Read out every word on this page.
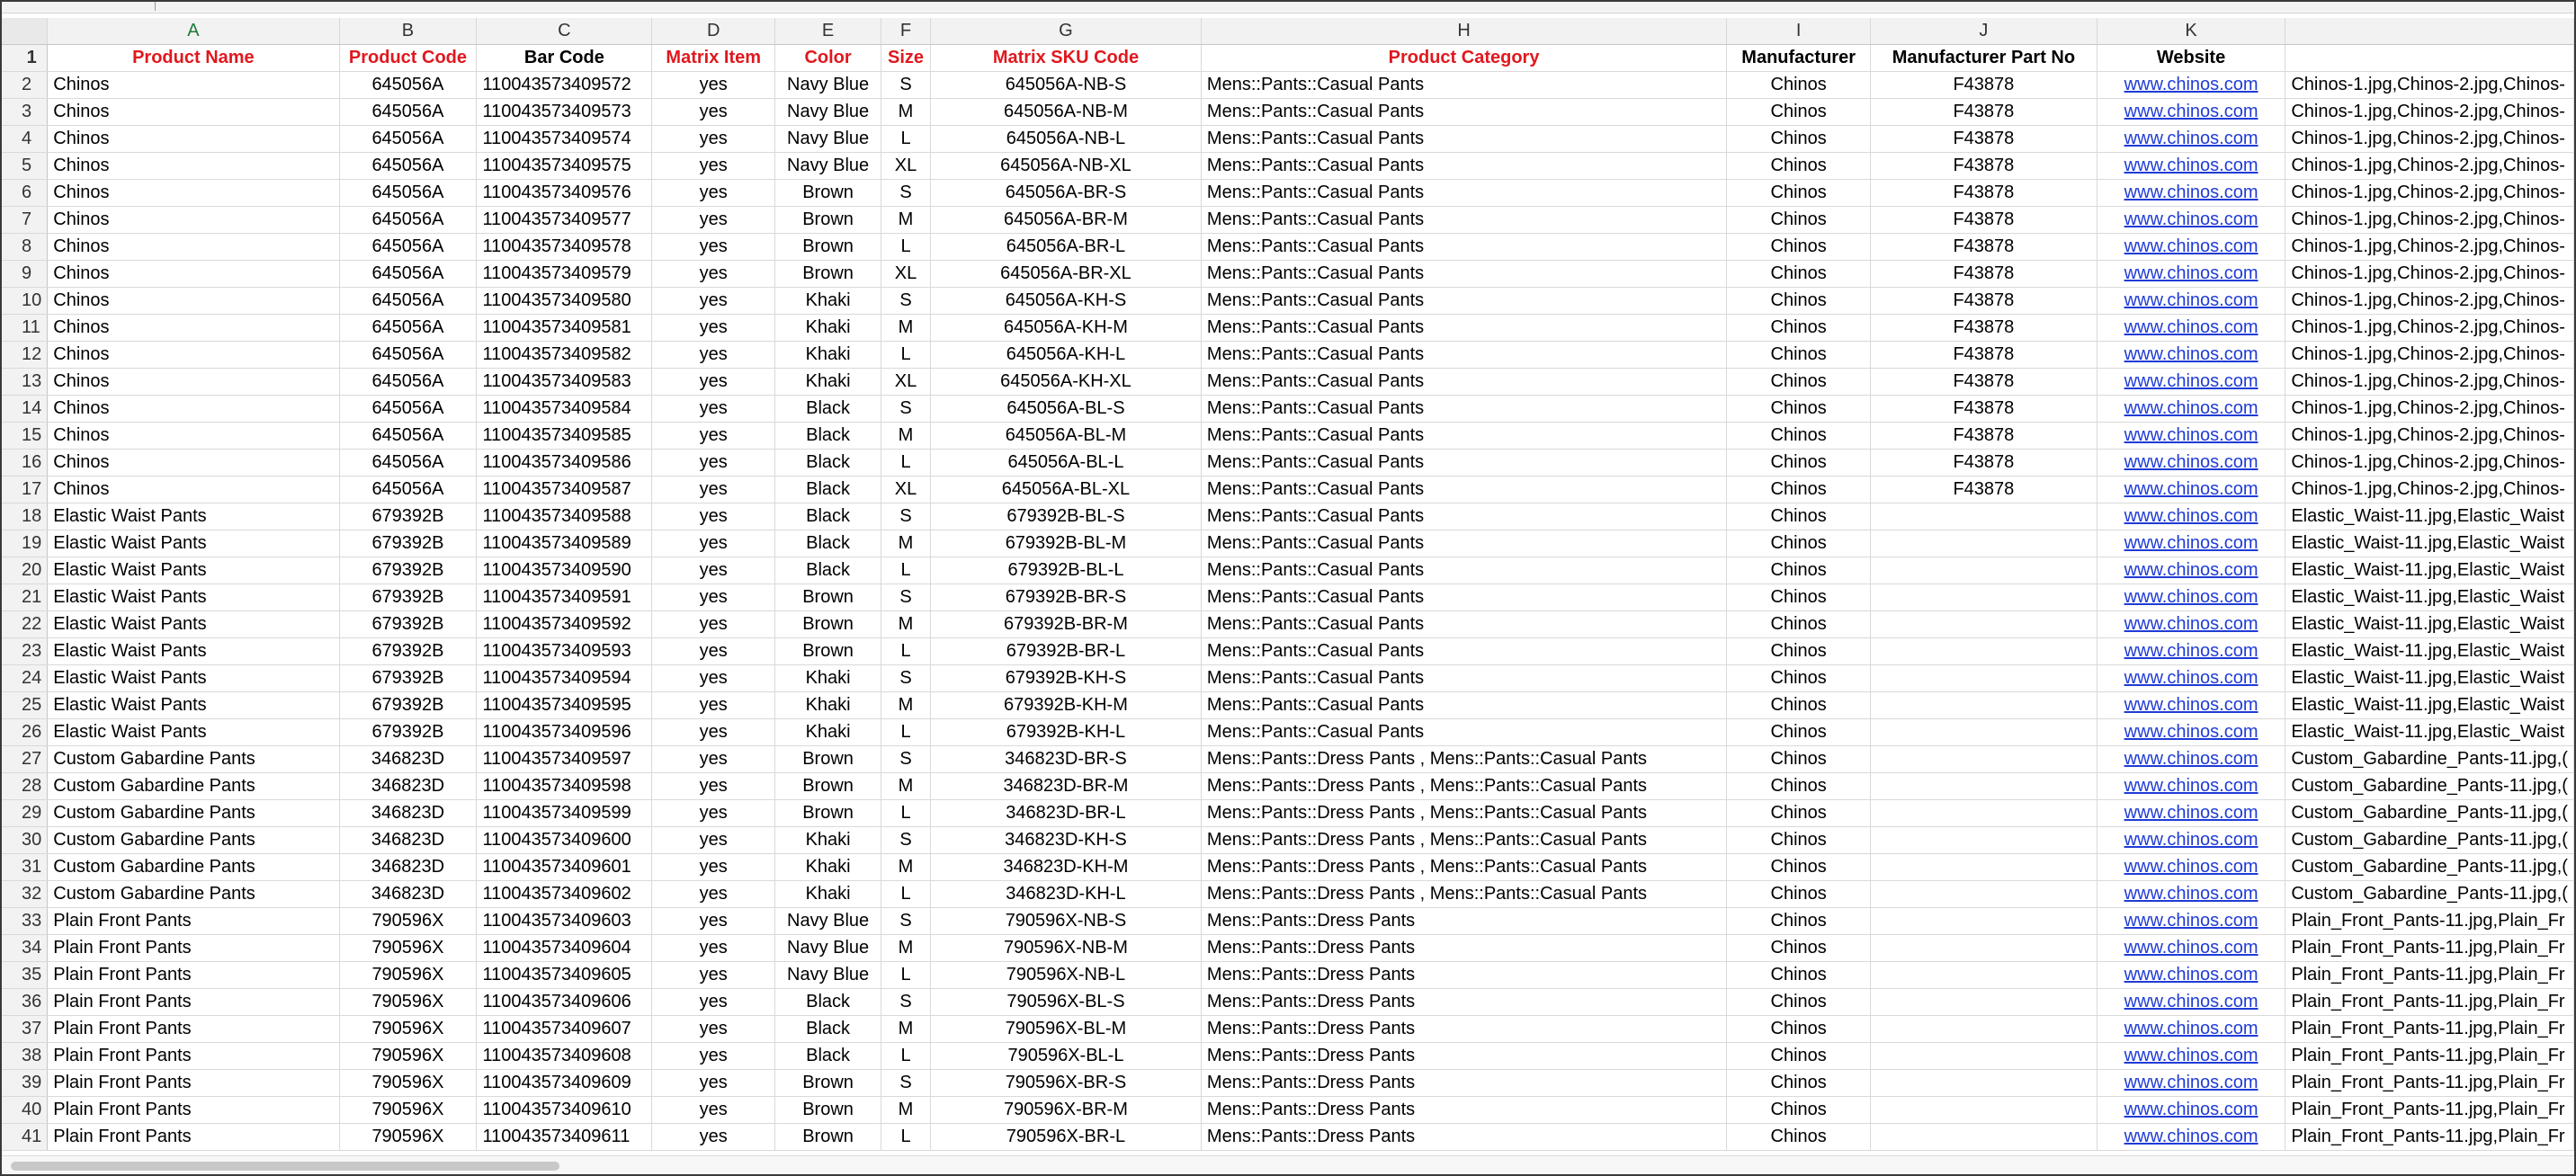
	A	B	C	D	E	F	G	H	I	J	K	
1	Product Name	Product Code	Bar Code	Matrix Item	Color	Size	Matrix SKU Code	Product Category	Manufacturer	Manufacturer Part No	Website	
2	Chinos	645056A	110043573409572	yes	Navy Blue	S	645056A-NB-S	Mens::Pants::Casual Pants	Chinos	F43878	www.chinos.com	Chinos-1.jpg,Chinos-2.jpg,Chinos-
3	Chinos	645056A	110043573409573	yes	Navy Blue	M	645056A-NB-M	Mens::Pants::Casual Pants	Chinos	F43878	www.chinos.com	Chinos-1.jpg,Chinos-2.jpg,Chinos-
4	Chinos	645056A	110043573409574	yes	Navy Blue	L	645056A-NB-L	Mens::Pants::Casual Pants	Chinos	F43878	www.chinos.com	Chinos-1.jpg,Chinos-2.jpg,Chinos-
5	Chinos	645056A	110043573409575	yes	Navy Blue	XL	645056A-NB-XL	Mens::Pants::Casual Pants	Chinos	F43878	www.chinos.com	Chinos-1.jpg,Chinos-2.jpg,Chinos-
6	Chinos	645056A	110043573409576	yes	Brown	S	645056A-BR-S	Mens::Pants::Casual Pants	Chinos	F43878	www.chinos.com	Chinos-1.jpg,Chinos-2.jpg,Chinos-
7	Chinos	645056A	110043573409577	yes	Brown	M	645056A-BR-M	Mens::Pants::Casual Pants	Chinos	F43878	www.chinos.com	Chinos-1.jpg,Chinos-2.jpg,Chinos-
8	Chinos	645056A	110043573409578	yes	Brown	L	645056A-BR-L	Mens::Pants::Casual Pants	Chinos	F43878	www.chinos.com	Chinos-1.jpg,Chinos-2.jpg,Chinos-
9	Chinos	645056A	110043573409579	yes	Brown	XL	645056A-BR-XL	Mens::Pants::Casual Pants	Chinos	F43878	www.chinos.com	Chinos-1.jpg,Chinos-2.jpg,Chinos-
10	Chinos	645056A	110043573409580	yes	Khaki	S	645056A-KH-S	Mens::Pants::Casual Pants	Chinos	F43878	www.chinos.com	Chinos-1.jpg,Chinos-2.jpg,Chinos-
11	Chinos	645056A	110043573409581	yes	Khaki	M	645056A-KH-M	Mens::Pants::Casual Pants	Chinos	F43878	www.chinos.com	Chinos-1.jpg,Chinos-2.jpg,Chinos-
12	Chinos	645056A	110043573409582	yes	Khaki	L	645056A-KH-L	Mens::Pants::Casual Pants	Chinos	F43878	www.chinos.com	Chinos-1.jpg,Chinos-2.jpg,Chinos-
13	Chinos	645056A	110043573409583	yes	Khaki	XL	645056A-KH-XL	Mens::Pants::Casual Pants	Chinos	F43878	www.chinos.com	Chinos-1.jpg,Chinos-2.jpg,Chinos-
14	Chinos	645056A	110043573409584	yes	Black	S	645056A-BL-S	Mens::Pants::Casual Pants	Chinos	F43878	www.chinos.com	Chinos-1.jpg,Chinos-2.jpg,Chinos-
15	Chinos	645056A	110043573409585	yes	Black	M	645056A-BL-M	Mens::Pants::Casual Pants	Chinos	F43878	www.chinos.com	Chinos-1.jpg,Chinos-2.jpg,Chinos-
16	Chinos	645056A	110043573409586	yes	Black	L	645056A-BL-L	Mens::Pants::Casual Pants	Chinos	F43878	www.chinos.com	Chinos-1.jpg,Chinos-2.jpg,Chinos-
17	Chinos	645056A	110043573409587	yes	Black	XL	645056A-BL-XL	Mens::Pants::Casual Pants	Chinos	F43878	www.chinos.com	Chinos-1.jpg,Chinos-2.jpg,Chinos-
18	Elastic Waist Pants	679392B	110043573409588	yes	Black	S	679392B-BL-S	Mens::Pants::Casual Pants	Chinos		www.chinos.com	Elastic_Waist-11.jpg,Elastic_Waist
19	Elastic Waist Pants	679392B	110043573409589	yes	Black	M	679392B-BL-M	Mens::Pants::Casual Pants	Chinos		www.chinos.com	Elastic_Waist-11.jpg,Elastic_Waist
20	Elastic Waist Pants	679392B	110043573409590	yes	Black	L	679392B-BL-L	Mens::Pants::Casual Pants	Chinos		www.chinos.com	Elastic_Waist-11.jpg,Elastic_Waist
21	Elastic Waist Pants	679392B	110043573409591	yes	Brown	S	679392B-BR-S	Mens::Pants::Casual Pants	Chinos		www.chinos.com	Elastic_Waist-11.jpg,Elastic_Waist
22	Elastic Waist Pants	679392B	110043573409592	yes	Brown	M	679392B-BR-M	Mens::Pants::Casual Pants	Chinos		www.chinos.com	Elastic_Waist-11.jpg,Elastic_Waist
23	Elastic Waist Pants	679392B	110043573409593	yes	Brown	L	679392B-BR-L	Mens::Pants::Casual Pants	Chinos		www.chinos.com	Elastic_Waist-11.jpg,Elastic_Waist
24	Elastic Waist Pants	679392B	110043573409594	yes	Khaki	S	679392B-KH-S	Mens::Pants::Casual Pants	Chinos		www.chinos.com	Elastic_Waist-11.jpg,Elastic_Waist
25	Elastic Waist Pants	679392B	110043573409595	yes	Khaki	M	679392B-KH-M	Mens::Pants::Casual Pants	Chinos		www.chinos.com	Elastic_Waist-11.jpg,Elastic_Waist
26	Elastic Waist Pants	679392B	110043573409596	yes	Khaki	L	679392B-KH-L	Mens::Pants::Casual Pants	Chinos		www.chinos.com	Elastic_Waist-11.jpg,Elastic_Waist
27	Custom Gabardine Pants	346823D	110043573409597	yes	Brown	S	346823D-BR-S	Mens::Pants::Dress Pants , Mens::Pants::Casual Pants	Chinos		www.chinos.com	Custom_Gabardine_Pants-11.jpg,(
28	Custom Gabardine Pants	346823D	110043573409598	yes	Brown	M	346823D-BR-M	Mens::Pants::Dress Pants , Mens::Pants::Casual Pants	Chinos		www.chinos.com	Custom_Gabardine_Pants-11.jpg,(
29	Custom Gabardine Pants	346823D	110043573409599	yes	Brown	L	346823D-BR-L	Mens::Pants::Dress Pants , Mens::Pants::Casual Pants	Chinos		www.chinos.com	Custom_Gabardine_Pants-11.jpg,(
30	Custom Gabardine Pants	346823D	110043573409600	yes	Khaki	S	346823D-KH-S	Mens::Pants::Dress Pants , Mens::Pants::Casual Pants	Chinos		www.chinos.com	Custom_Gabardine_Pants-11.jpg,(
31	Custom Gabardine Pants	346823D	110043573409601	yes	Khaki	M	346823D-KH-M	Mens::Pants::Dress Pants , Mens::Pants::Casual Pants	Chinos		www.chinos.com	Custom_Gabardine_Pants-11.jpg,(
32	Custom Gabardine Pants	346823D	110043573409602	yes	Khaki	L	346823D-KH-L	Mens::Pants::Dress Pants , Mens::Pants::Casual Pants	Chinos		www.chinos.com	Custom_Gabardine_Pants-11.jpg,(
33	Plain Front Pants	790596X	110043573409603	yes	Navy Blue	S	790596X-NB-S	Mens::Pants::Dress Pants	Chinos		www.chinos.com	Plain_Front_Pants-11.jpg,Plain_Fr
34	Plain Front Pants	790596X	110043573409604	yes	Navy Blue	M	790596X-NB-M	Mens::Pants::Dress Pants	Chinos		www.chinos.com	Plain_Front_Pants-11.jpg,Plain_Fr
35	Plain Front Pants	790596X	110043573409605	yes	Navy Blue	L	790596X-NB-L	Mens::Pants::Dress Pants	Chinos		www.chinos.com	Plain_Front_Pants-11.jpg,Plain_Fr
36	Plain Front Pants	790596X	110043573409606	yes	Black	S	790596X-BL-S	Mens::Pants::Dress Pants	Chinos		www.chinos.com	Plain_Front_Pants-11.jpg,Plain_Fr
37	Plain Front Pants	790596X	110043573409607	yes	Black	M	790596X-BL-M	Mens::Pants::Dress Pants	Chinos		www.chinos.com	Plain_Front_Pants-11.jpg,Plain_Fr
38	Plain Front Pants	790596X	110043573409608	yes	Black	L	790596X-BL-L	Mens::Pants::Dress Pants	Chinos		www.chinos.com	Plain_Front_Pants-11.jpg,Plain_Fr
39	Plain Front Pants	790596X	110043573409609	yes	Brown	S	790596X-BR-S	Mens::Pants::Dress Pants	Chinos		www.chinos.com	Plain_Front_Pants-11.jpg,Plain_Fr
40	Plain Front Pants	790596X	110043573409610	yes	Brown	M	790596X-BR-M	Mens::Pants::Dress Pants	Chinos		www.chinos.com	Plain_Front_Pants-11.jpg,Plain_Fr
41	Plain Front Pants	790596X	110043573409611	yes	Brown	L	790596X-BR-L	Mens::Pants::Dress Pants	Chinos		www.chinos.com	Plain_Front_Pants-11.jpg,Plain_Fr
